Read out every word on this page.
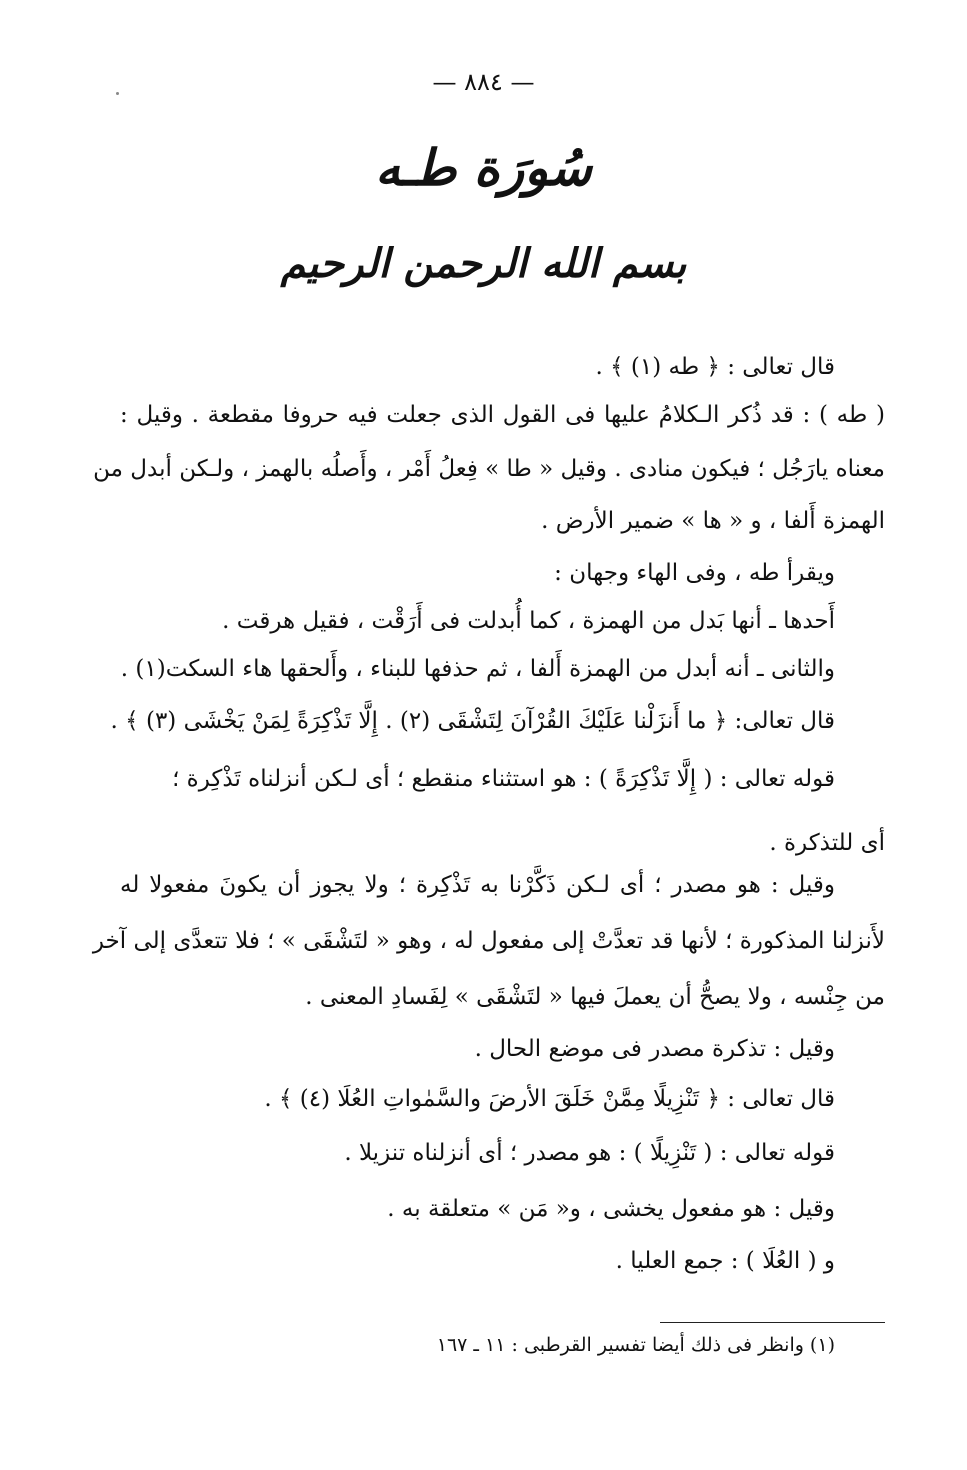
— ٨٨٤ —
سُورَة طـه
بسم الله الرحمن الرحيم
قال تعالى : ﴿ طه (١) ﴾ .
( طه ) : قد ذُكر الـكلامُ عليها فى القول الذى جعلت فيه حروفا مقطعة . وقيل :
معناه يارَجُل ؛ فيكون منادى . وقيل « طا » فِعلُ أَمْر ، وأَصلُه بالهمز ، ولـكن أبدل من
الهمزة أَلفا ، و « ها » ضمير الأرض .
ويقرأ طه ، وفى الهاء وجهان :
أَحدها ـ أنها بَدل من الهمزة ، كما أُبدلت فى أَرَقْت ، فقيل هرقت .
والثانى ـ أنه أبدل من الهمزة أَلفا ، ثم حذفها للبناء ، وأَلحقها هاء السكت(١) .
قال تعالى: ﴿ ما أَنزَلْنا عَلَيْكَ القُرْآنَ لِتَشْقَى (٢) . إِلَّا تَذْكِرَةً لِمَنْ يَخْشَى (٣) ﴾ .
قوله تعالى : ( إِلَّا تَذْكِرَةً ) : هو استثناء منقطع ؛ أى لـكن أنزلناه تَذْكِرة ؛
أى للتذكرة .
وقيل : هو مصدر ؛ أى لـكن ذَكَّرْنا به تَذْكِرة ؛ ولا يجوز أن يكونَ مفعولا له
لأَنزلنا المذكورة ؛ لأنها قد تعدَّتْ إلى مفعول له ، وهو « لتَشْقَى » ؛ فلا تتعدَّى إلى آخر
من جِنْسه ، ولا يصحُّ أن يعملَ فيها « لتَشْقَى » لِفَسادِ المعنى .
وقيل : تذكرة مصدر فى موضع الحال .
قال تعالى : ﴿ تَنْزِيلًا مِمَّنْ خَلَقَ الأرضَ والسَّمٰواتِ العُلَا (٤) ﴾ .
قوله تعالى : ( تَنْزِيلًا ) : هو مصدر ؛ أى أنزلناه تنزيلا .
وقيل : هو مفعول يخشى ، و« مَن » متعلقة به .
و ( العُلَا ) : جمع العليا .
(١) وانظر فى ذلك أيضا تفسير القرطبى : ١١ ـ ١٦٧
